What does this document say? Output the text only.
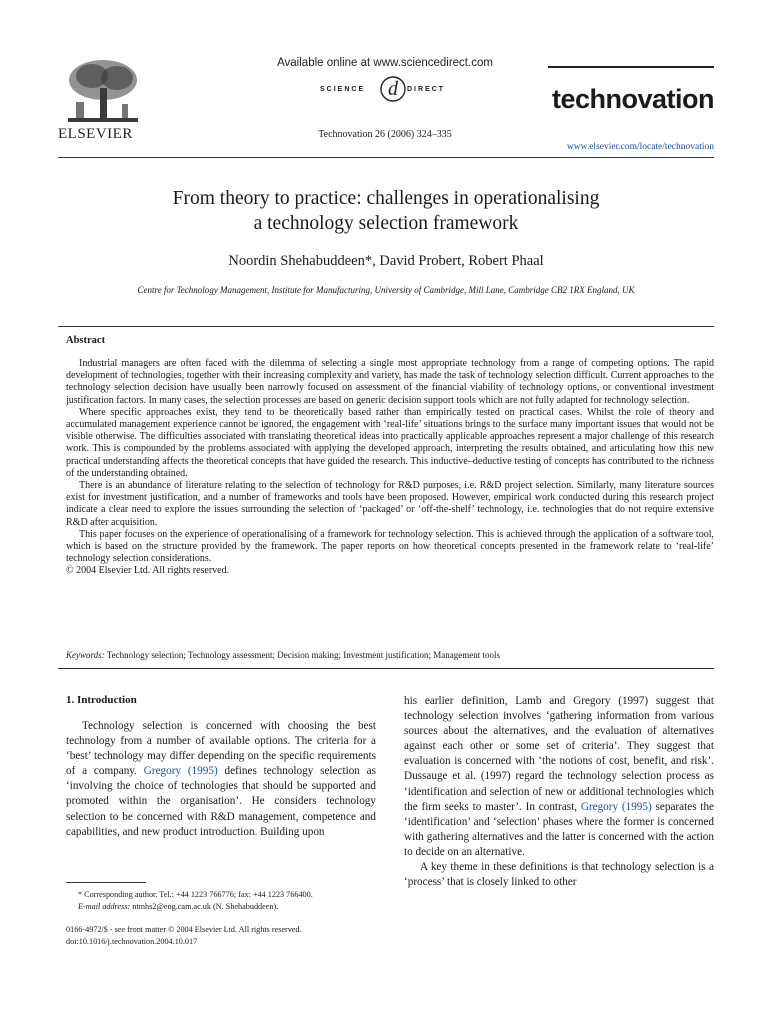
ELSEVIER
Available online at www.sciencedirect.com
SCIENCE d DIRECT
Technovation 26 (2006) 324–335
technovation
www.elsevier.com/locate/technovation
From theory to practice: challenges in operationalising
a technology selection framework
Noordin Shehabuddeen*, David Probert, Robert Phaal
Centre for Technology Management, Institute for Manufacturing, University of Cambridge, Mill Lane, Cambridge CB2 1RX England, UK
Abstract

Industrial managers are often faced with the dilemma of selecting a single most appropriate technology from a range of competing options. The rapid development of technologies, together with their increasing complexity and variety, has made the task of technology selection difficult. Current approaches to the technology selection decision have usually been narrowly focused on assessment of the financial viability of technology options, or conventional investment justification factors. In many cases, the selection processes are based on generic decision support tools which are not fully adapted for technology selection.

Where specific approaches exist, they tend to be theoretically based rather than empirically tested on practical cases. Whilst the role of theory and accumulated management experience cannot be ignored, the engagement with ‘real-life’ situations brings to the surface many important issues that would not be visible otherwise. The difficulties associated with translating theoretical ideas into practically applicable approaches represent a major challenge of this research work. This is compounded by the problems associated with applying the developed approach, interpreting the results obtained, and articulating how this new practical understanding affects the theoretical concepts that have guided the research. This inductive–deductive testing of concepts has contributed to the richness of the understanding obtained.

There is an abundance of literature relating to the selection of technology for R&D purposes, i.e. R&D project selection. Similarly, many literature sources exist for investment justification, and a number of frameworks and tools have been proposed. However, empirical work conducted during this research project indicate a clear need to explore the issues surrounding the selection of ‘packaged’ or ‘off-the-shelf’ technology, i.e. technologies that do not require extensive R&D after acquisition.

This paper focuses on the experience of operationalising of a framework for technology selection. This is achieved through the application of a software tool, which is based on the structure provided by the framework. The paper reports on how theoretical concepts presented in the framework relate to ‘real-life’ technology selection considerations.

© 2004 Elsevier Ltd. All rights reserved.

Keywords: Technology selection; Technology assessment; Decision making; Investment justification; Management tools
1. Introduction

Technology selection is concerned with choosing the best technology from a number of available options. The criteria for a ‘best’ technology may differ depending on the specific requirements of a company. Gregory (1995) defines technology selection as ‘involving the choice of technologies that should be supported and promoted within the organisation’. He considers technology selection to be concerned with R&D management, competence and capabilities, and new product introduction. Building upon

* Corresponding author. Tel.: +44 1223 766776; fax: +44 1223 766400.
E-mail address: ntmhs2@eng.cam.ac.uk (N. Shehabuddeen).
0166-4972/$ - see front matter © 2004 Elsevier Ltd. All rights reserved.
doi:10.1016/j.technovation.2004.10.017

his earlier definition, Lamb and Gregory (1997) suggest that technology selection involves ‘gathering information from various sources about the alternatives, and the evaluation of alternatives against each other or some set of criteria’. They suggest that evaluation is concerned with ‘the notions of cost, benefit, and risk’. Dussauge et al. (1997) regard the technology selection process as ‘identification and selection of new or additional technologies which the firm seeks to master’. In contrast, Gregory (1995) separates the ‘identification’ and ‘selection’ phases where the former is concerned with gathering alternatives and the latter is concerned with the action to decide on an alternative.

A key theme in these definitions is that technology selection is a ‘process’ that is closely linked to other
